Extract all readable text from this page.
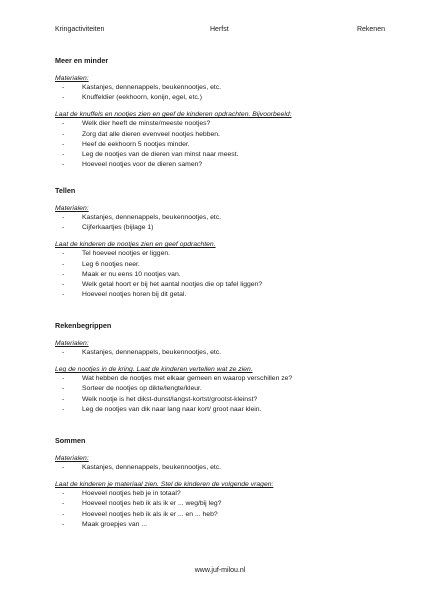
Kringactiviteiten	Herfst	Rekenen
Meer en minder
Materialen:
-	Kastanjes, dennenappels, beukennootjes, etc.
-	Knuffeldier (eekhoorn, konijn, egel, etc.)
Laat de knuffels en nootjes zien en geef de kinderen opdrachten. Bijvoorbeeld:
-	Welk dier heeft de minste/meeste nootjes?
-	Zorg dat alle dieren evenveel nootjes hebben.
-	Heef de eekhoorn 5 nootjes minder.
-	Leg de nootjes van de dieren van minst naar meest.
-	Hoeveel nootjes voor de dieren samen?
Tellen
Materialen:
-	Kastanjes, dennenappels, beukennootjes, etc.
-	Cijferkaartjes (bijlage 1)
Laat de kinderen de nootjes zien en geef opdrachten.
-	Tel hoeveel nootjes er liggen.
-	Leg 6 nootjes neer.
-	Maak er nu eens 10 nootjes van.
-	Welk getal hoort er bij het aantal nootjes die op tafel liggen?
-	Hoeveel nootjes horen bij dit getal.
Rekenbegrippen
Materialen:
-	Kastanjes, dennenappels, beukennootjes, etc.
Leg de nootjes in de kring. Laat de kinderen vertellen wat ze zien.
-	Wat hebben de nootjes met elkaar gemeen en waarop verschillen ze?
-	Sorteer de nootjes op dikte/lengte/kleur.
-	Welk nootje is het dikst-dunst/langst-kortst/grootst-kleinst?
-	Leg de nootjes van dik naar lang naar kort/ groot naar klein.
Sommen
Materialen:
-	Kastanjes, dennenappels, beukennootjes, etc.
Laat de kinderen je materiaal zien. Stel de kinderen de volgende vragen:
-	Hoeveel nootjes heb je in totaal?
-	Hoeveel nootjes heb ik als ik er ... weg/bij leg?
-	Hoeveel nootjes heb ik als ik er ... en ... heb?
-	Maak groepjes van ...
www.juf-milou.nl
